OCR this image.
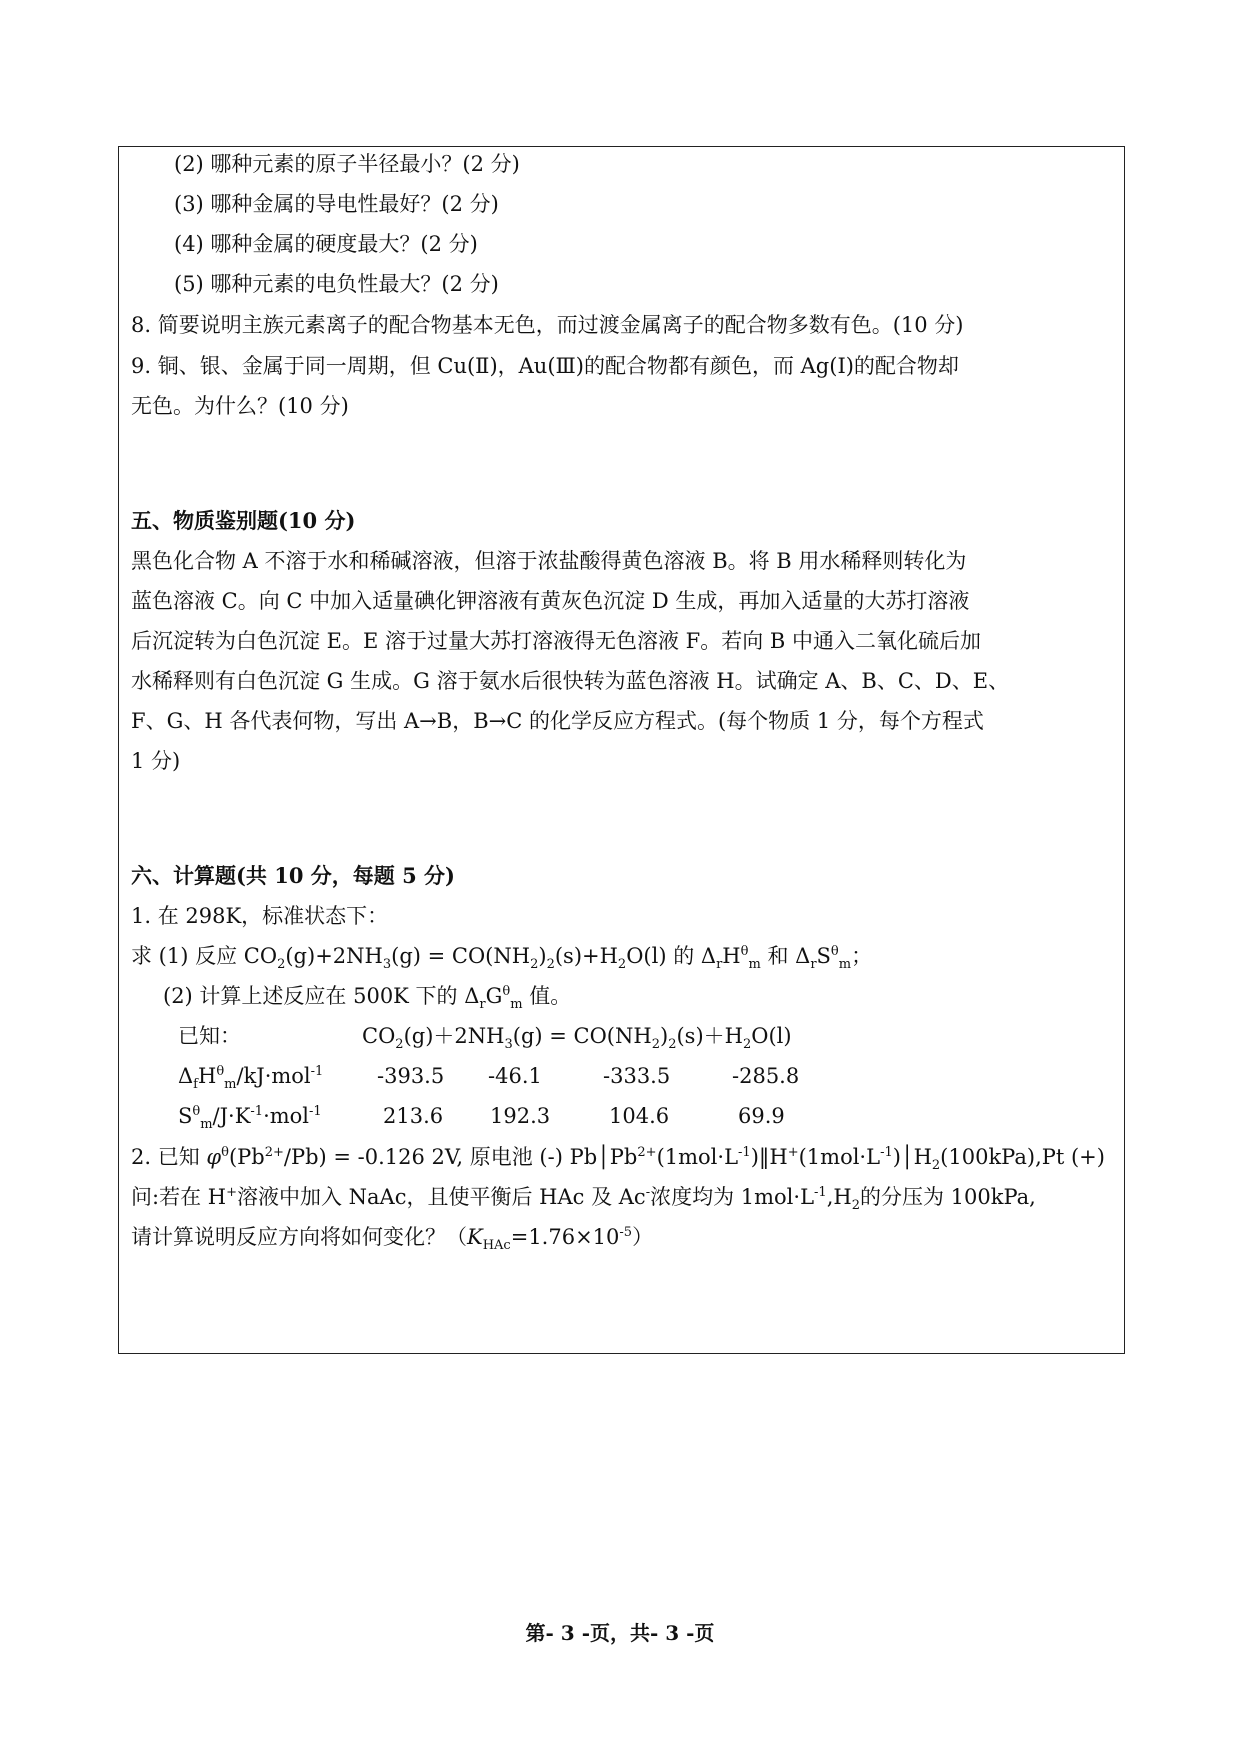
(2) 哪种元素的原子半径最小？(2 分)
(3) 哪种金属的导电性最好？(2 分)
(4) 哪种金属的硬度最大？(2 分)
(5) 哪种元素的电负性最大？(2 分)
8. 简要说明主族元素离子的配合物基本无色，而过渡金属离子的配合物多数有色。(10 分)
9. 铜、银、金属于同一周期，但 Cu(Ⅱ)，Au(Ⅲ)的配合物都有颜色，而 Ag(Ⅰ)的配合物却
无色。为什么？(10 分)
五、物质鉴别题(10 分)
黑色化合物 A 不溶于水和稀碱溶液，但溶于浓盐酸得黄色溶液 B。将 B 用水稀释则转化为
蓝色溶液 C。向 C 中加入适量碘化钾溶液有黄灰色沉淀 D 生成，再加入适量的大苏打溶液
后沉淀转为白色沉淀 E。E 溶于过量大苏打溶液得无色溶液 F。若向 B 中通入二氧化硫后加
水稀释则有白色沉淀 G 生成。G 溶于氨水后很快转为蓝色溶液 H。试确定 A、B、C、D、E、
F、G、H 各代表何物，写出 A→B，B→C 的化学反应方程式。(每个物质 1 分，每个方程式
1 分)
六、计算题(共 10 分，每题 5 分)
1. 在 298K，标准状态下：
求 (1) 反应 $CO_2(g)+2NH_3(g) = CO(NH_2)_2(s)+H_2O(l)$ 的 $\Delta_rH^\theta_m$ 和 $\Delta_rS^\theta_m$；
(2) 计算上述反应在 500K 下的 $\Delta_rG^\theta_m$ 值。
已知：	$CO_2(g)+2NH_3(g) = CO(NH_2)_2(s)+H_2O(l)$
$\Delta_fH^\theta_m/kJ\cdot mol^{-1}$	-393.5 -46.1	-333.5	-285.8
$S^\theta_m/J\cdot K^{-1}\cdot mol^{-1}$	213.6 192.3	104.6	69.9
2. 已知 $\varphi^\theta(Pb^{2+}/Pb) = -0.126$ 2V, 原电池 (-) $Pb│Pb^{2+}(1mol\cdot L^{-1})‖H^+(1mol\cdot L^{-1})│H_2(100kPa),Pt$ (+)
问:若在 H+溶液中加入 NaAc，且使平衡后 HAc 及 Ac-浓度均为 $1mol\cdot L^{-1},H_2$的分压为 100kPa,
请计算说明反应方向将如何变化？$(K_{HAc}=1.76\times 10^{-5})$
第- 3 -页，共- 3 -页
